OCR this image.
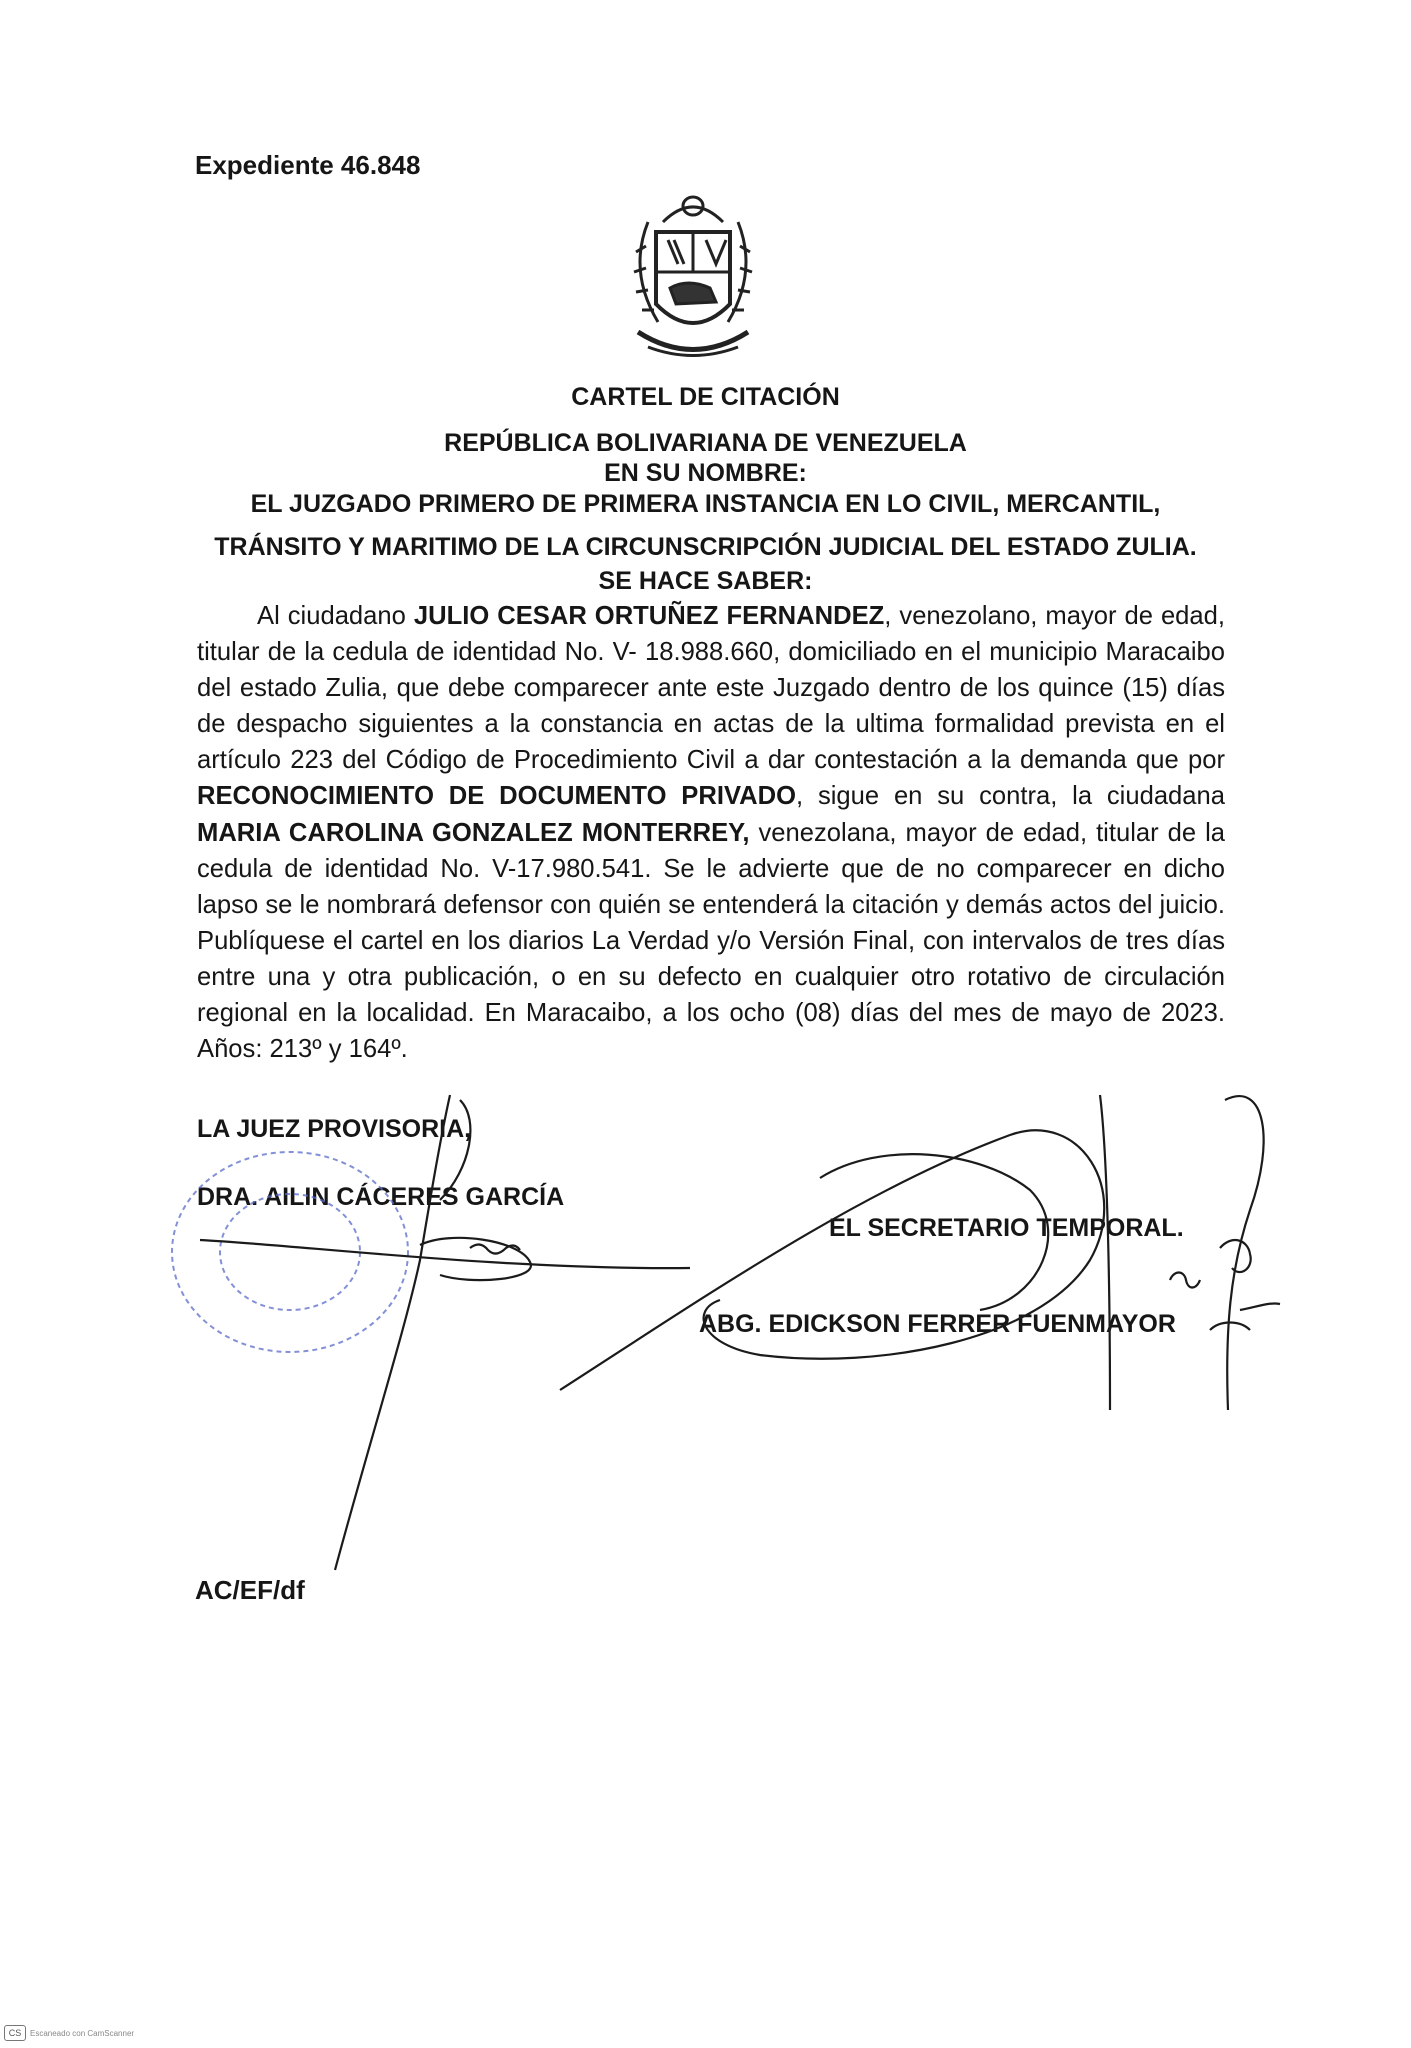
Expediente 46.848
CARTEL DE CITACIÓN
REPÚBLICA BOLIVARIANA DE VENEZUELA
EN SU NOMBRE:
EL JUZGADO PRIMERO DE PRIMERA INSTANCIA EN LO CIVIL, MERCANTIL,
TRÁNSITO Y MARITIMO DE LA CIRCUNSCRIPCIÓN JUDICIAL DEL ESTADO ZULIA.
SE HACE SABER:
Al ciudadano JULIO CESAR ORTUÑEZ FERNANDEZ, venezolano, mayor de edad, titular de la cedula de identidad No. V- 18.988.660, domiciliado en el municipio Maracaibo del estado Zulia, que debe comparecer ante este Juzgado dentro de los quince (15) días de despacho siguientes a la constancia en actas de la ultima formalidad prevista en el artículo 223 del Código de Procedimiento Civil a dar contestación a la demanda que por RECONOCIMIENTO DE DOCUMENTO PRIVADO, sigue en su contra, la ciudadana MARIA CAROLINA GONZALEZ MONTERREY, venezolana, mayor de edad, titular de la cedula de identidad No. V-17.980.541. Se le advierte que de no comparecer en dicho lapso se le nombrará defensor con quién se entenderá la citación y demás actos del juicio. Publíquese el cartel en los diarios La Verdad y/o Versión Final, con intervalos de tres días entre una y otra publicación, o en su defecto en cualquier otro rotativo de circulación regional en la localidad. En Maracaibo, a los ocho (08) días del mes de mayo de 2023. Años: 213º y 164º.
LA JUEZ PROVISORIA,
DRA. AILIN CÁCERES GARCÍA
EL SECRETARIO TEMPORAL.
ABG. EDICKSON FERRER FUENMAYOR
AC/EF/df
CS	Escaneado con CamScanner
